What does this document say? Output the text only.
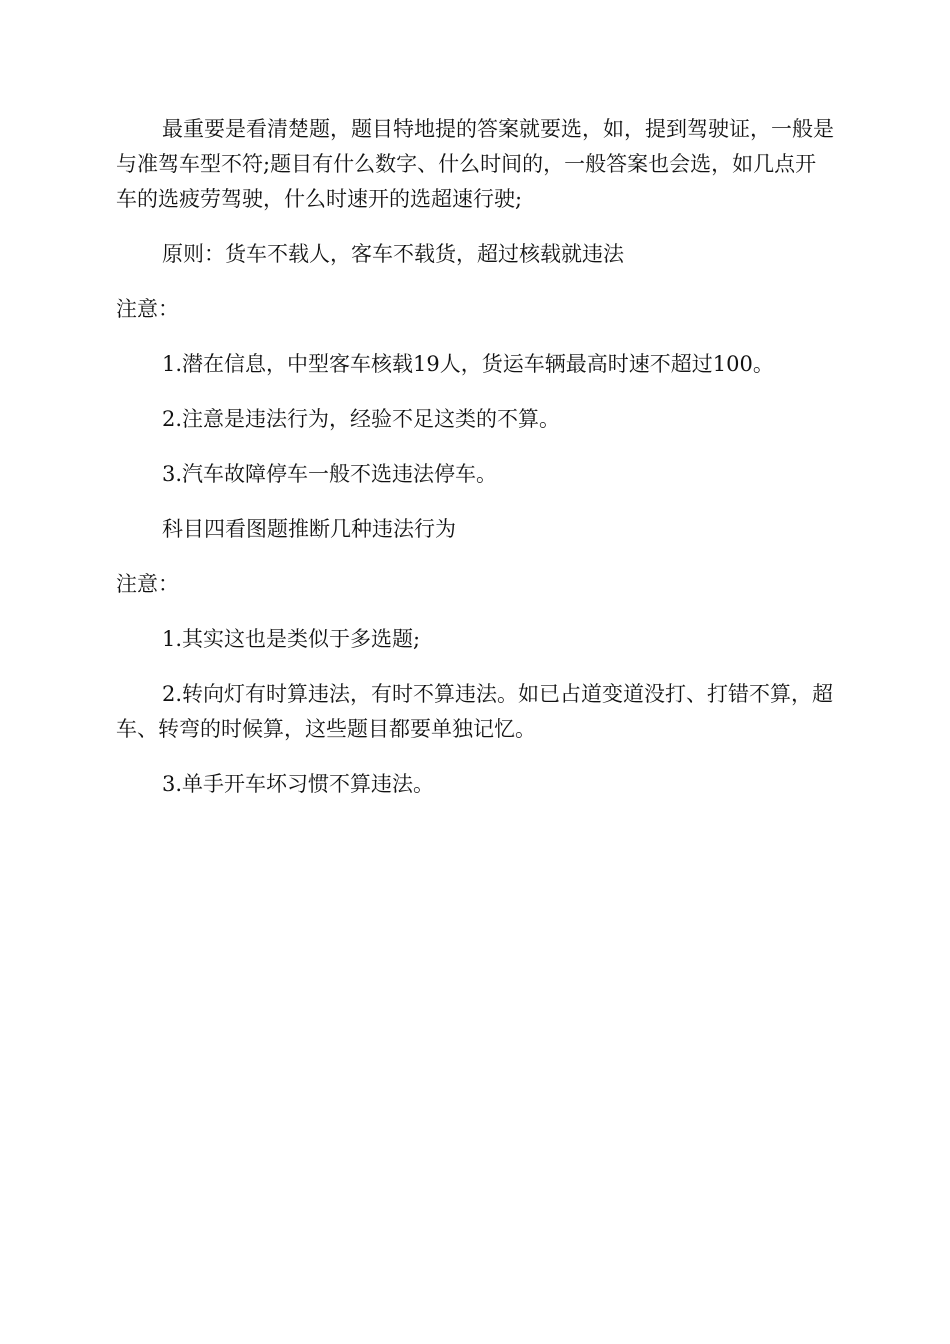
最重要是看清楚题，题目特地提的答案就要选，如，提到驾驶证，一般是与准驾车型不符;题目有什么数字、什么时间的，一般答案也会选，如几点开车的选疲劳驾驶，什么时速开的选超速行驶;

原则：货车不载人，客车不载货，超过核载就违法

注意：

1.潜在信息，中型客车核载19人，货运车辆最高时速不超过100。

2.注意是违法行为，经验不足这类的不算。

3.汽车故障停车一般不选违法停车。

科目四看图题推断几种违法行为

注意：

1.其实这也是类似于多选题;

2.转向灯有时算违法，有时不算违法。如已占道变道没打、打错不算，超车、转弯的时候算，这些题目都要单独记忆。

3.单手开车坏习惯不算违法。
